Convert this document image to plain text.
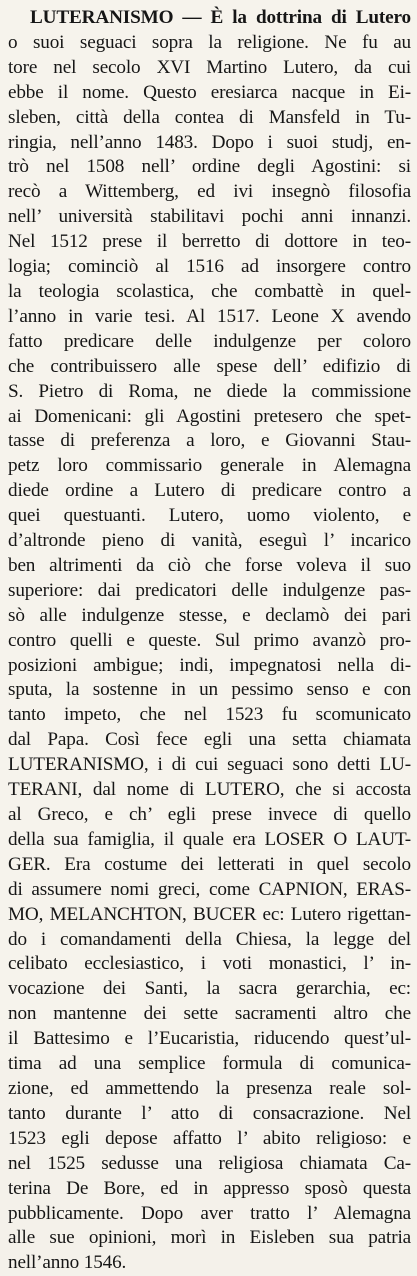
LUTERANISMO — È la dottrina di Lutero
o suoi seguaci sopra la religione. Ne fu au
tore nel secolo XVI Martino Lutero, da cui
ebbe il nome. Questo eresiarca nacque in Ei-
sleben, città della contea di Mansfeld in Tu-
ringia, nell’anno 1483. Dopo i suoi studj, en-
trò nel 1508 nell’ ordine degli Agostini: si
recò a Wittemberg, ed ivi insegnò filosofia
nell’ università stabilitavi pochi anni innanzi.
Nel 1512 prese il berretto di dottore in teo-
logia; cominciò al 1516 ad insorgere contro
la teologia scolastica, che combattè in quel-
l’anno in varie tesi. Al 1517. Leone X avendo
fatto predicare delle indulgenze per coloro
che contribuissero alle spese dell’ edifizio di
S. Pietro di Roma, ne diede la commissione
ai Domenicani: gli Agostini pretesero che spet-
tasse di preferenza a loro, e Giovanni Stau-
petz loro commissario generale in Alemagna
diede ordine a Lutero di predicare contro a
quei questuanti. Lutero, uomo violento, e
d’altronde pieno di vanità, eseguì l’ incarico
ben altrimenti da ciò che forse voleva il suo
superiore: dai predicatori delle indulgenze pas-
sò alle indulgenze stesse, e declamò dei pari
contro quelli e queste. Sul primo avanzò pro-
posizioni ambigue; indi, impegnatosi nella di-
sputa, la sostenne in un pessimo senso e con
tanto impeto, che nel 1523 fu scomunicato
dal Papa. Così fece egli una setta chiamata
LUTERANISMO, i di cui seguaci sono detti LU-
TERANI, dal nome di LUTERO, che si accosta
al Greco, e ch’ egli prese invece di quello
della sua famiglia, il quale era LOSER O LAUT-
GER. Era costume dei letterati in quel secolo
di assumere nomi greci, come CAPNION, ERAS-
MO, MELANCHTON, BUCER ec: Lutero rigettan-
do i comandamenti della Chiesa, la legge del
celibato ecclesiastico, i voti monastici, l’ in-
vocazione dei Santi, la sacra gerarchia, ec:
non mantenne dei sette sacramenti altro che
il Battesimo e l’Eucaristia, riducendo quest’ul-
tima ad una semplice formula di comunica-
zione, ed ammettendo la presenza reale sol-
tanto durante l’ atto di consacrazione. Nel
1523 egli depose affatto l’ abito religioso: e
nel 1525 sedusse una religiosa chiamata Ca-
terina De Bore, ed in appresso sposò questa
pubblicamente. Dopo aver tratto l’ Alemagna
alle sue opinioni, morì in Eisleben sua patria
nell’anno 1546.
